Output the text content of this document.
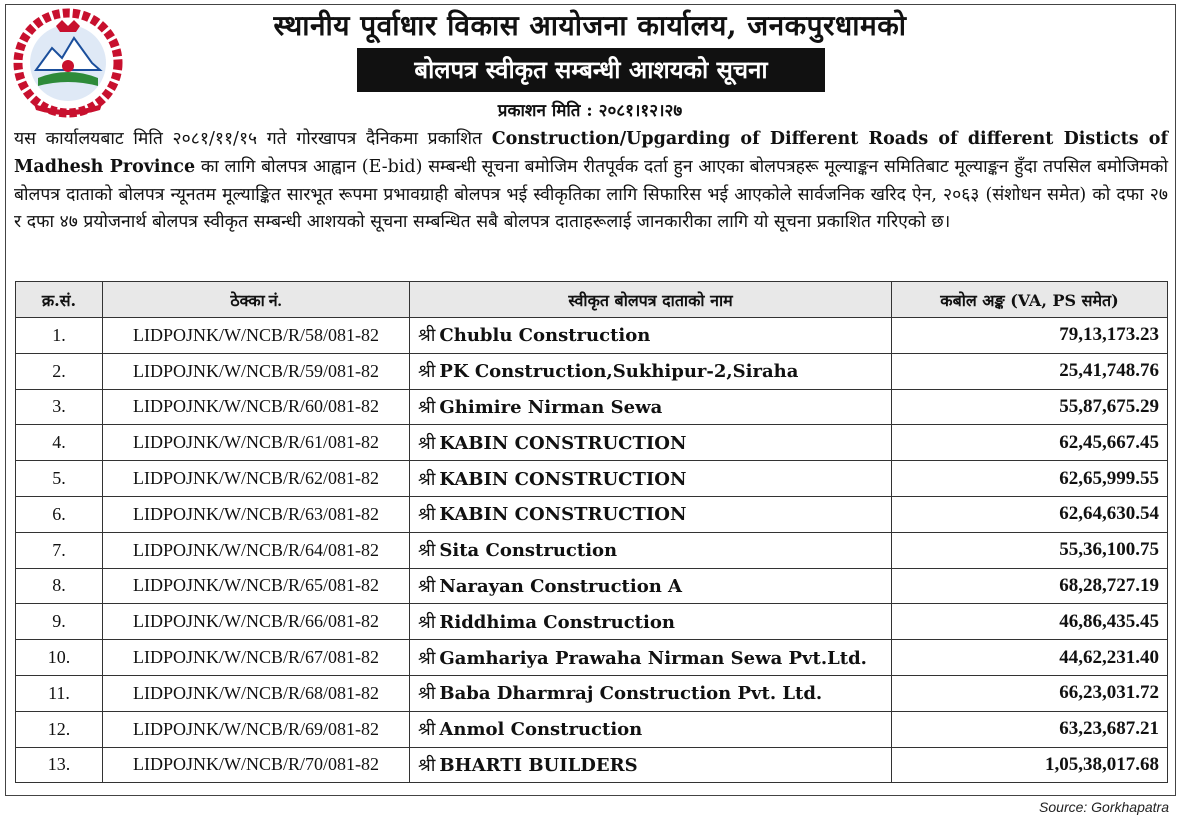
स्थानीय पूर्वाधार विकास आयोजना कार्यालय, जनकपुरधामको
बोलपत्र स्वीकृत सम्बन्धी आशयको सूचना
प्रकाशन मिति : २०८१।१२।२७

यस कार्यालयबाट मिति २०८१/११/१५ गते गोरखापत्र दैनिकमा प्रकाशित Construction/Upgarding of Different Roads of different Disticts of Madhesh Province का लागि बोलपत्र आह्वान (E-bid) सम्बन्धी सूचना बमोजिम रीतपूर्वक दर्ता हुन आएका बोलपत्रहरू मूल्याङ्कन समितिबाट मूल्याङ्कन हुँदा तपसिल बमोजिमको बोलपत्र दाताको बोलपत्र न्यूनतम मूल्याङ्कित सारभूत रूपमा प्रभावग्राही बोलपत्र भई स्वीकृतिका लागि सिफारिस भई आएकोले सार्वजनिक खरिद ऐन, २०६३ (संशोधन समेत) को दफा २७ र दफा ४७ प्रयोजनार्थ बोलपत्र स्वीकृत सम्बन्धी आशयको सूचना सम्बन्धित सबै बोलपत्र दाताहरूलाई जानकारीका लागि यो सूचना प्रकाशित गरिएको छ।

क्र.सं.	ठेक्का नं.	स्वीकृत बोलपत्र दाताको नाम	कबोल अङ्क (VA, PS समेत)
1.	LIDPOJNK/W/NCB/R/58/081-82	श्री Chublu Construction	79,13,173.23
2.	LIDPOJNK/W/NCB/R/59/081-82	श्री PK Construction,Sukhipur-2,Siraha	25,41,748.76
3.	LIDPOJNK/W/NCB/R/60/081-82	श्री Ghimire Nirman Sewa	55,87,675.29
4.	LIDPOJNK/W/NCB/R/61/081-82	श्री KABIN CONSTRUCTION	62,45,667.45
5.	LIDPOJNK/W/NCB/R/62/081-82	श्री KABIN CONSTRUCTION	62,65,999.55
6.	LIDPOJNK/W/NCB/R/63/081-82	श्री KABIN CONSTRUCTION	62,64,630.54
7.	LIDPOJNK/W/NCB/R/64/081-82	श्री Sita Construction	55,36,100.75
8.	LIDPOJNK/W/NCB/R/65/081-82	श्री Narayan Construction A	68,28,727.19
9.	LIDPOJNK/W/NCB/R/66/081-82	श्री Riddhima Construction	46,86,435.45
10.	LIDPOJNK/W/NCB/R/67/081-82	श्री Gamhariya Prawaha Nirman Sewa Pvt.Ltd.	44,62,231.40
11.	LIDPOJNK/W/NCB/R/68/081-82	श्री Baba Dharmraj Construction Pvt. Ltd.	66,23,031.72
12.	LIDPOJNK/W/NCB/R/69/081-82	श्री Anmol Construction	63,23,687.21
13.	LIDPOJNK/W/NCB/R/70/081-82	श्री BHARTI BUILDERS	1,05,38,017.68
Source: Gorkhapatra
